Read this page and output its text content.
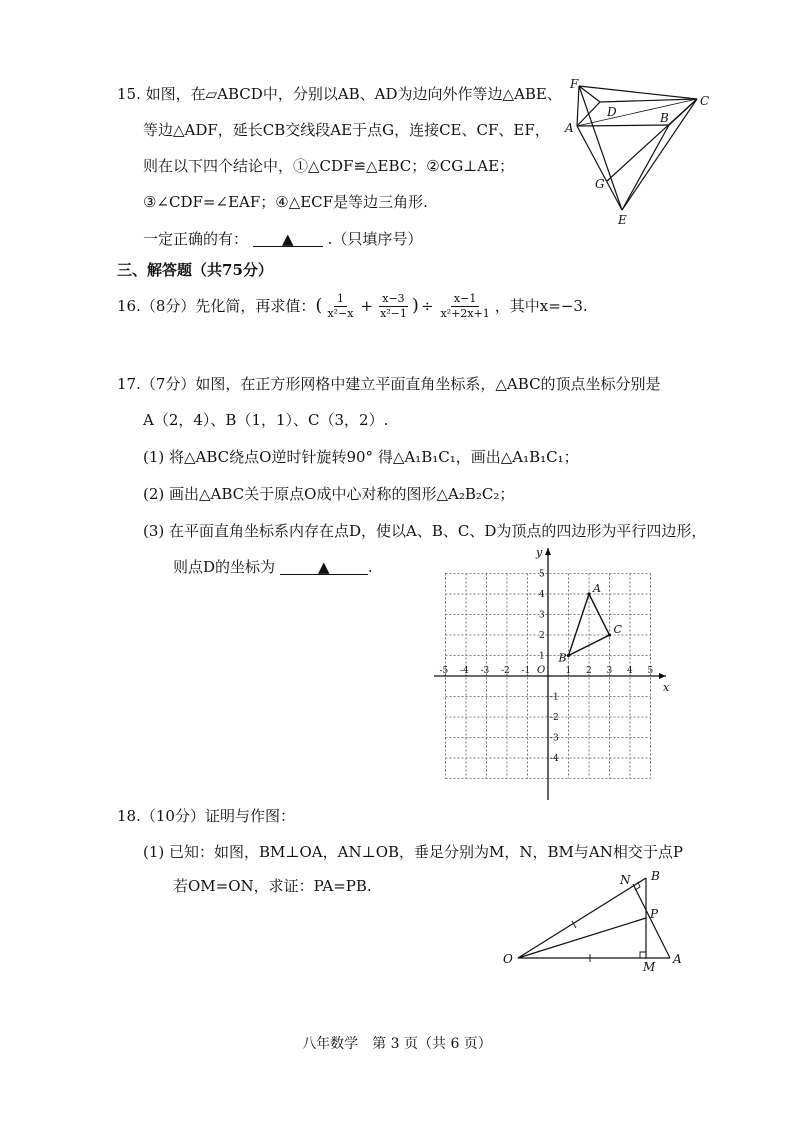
15. 如图，在▱ABCD中，分别以AB、AD为边向外作等边△ABE、
等边△ADF，延长CB交线段AE于点G，连接CE、CF、EF，
则在以下四个结论中，①△CDF≌△EBC；②CG⊥AE；
③∠CDF=∠EAF；④△ECF是等边三角形.
一定正确的有： ▲ .（只填序号）
F
D
C
A
B
G
E
三、解答题（共75分）
16.（8分）先化简，再求值：( $\frac{1}{\text{x²−x}} + \frac{x-3}{\text{x²−1}}$ ) ÷ $\frac{x-1}{\text{x²+2x+1}}$ ，其中x=−3.
17.（7分）如图，在正方形网格中建立平面直角坐标系，△ABC的顶点坐标分别是
A（2，4）、B（1，1）、C（3，2）.
(1) 将△ABC绕点O逆时针旋转90° 得△A₁B₁C₁，画出△A₁B₁C₁；
(2) 画出△ABC关于原点O成中心对称的图形△A₂B₂C₂；
(3) 在平面直角坐标系内存在点D，使以A、B、C、D为顶点的四边形为平行四边形，
则点D的坐标为	▲	.
x
y
O
-5 -4 -3 -2 -1	1 2 3 4 5
5
4
3
2
1
-1
-2
-3
-4
A
B
C
18.（10分）证明与作图：
(1) 已知：如图，BM⊥OA，AN⊥OB，垂足分别为M，N，BM与AN相交于点P
若OM=ON，求证：PA=PB.
O
N B
P
M
A
八年数学　第 3 页（共 6 页）
